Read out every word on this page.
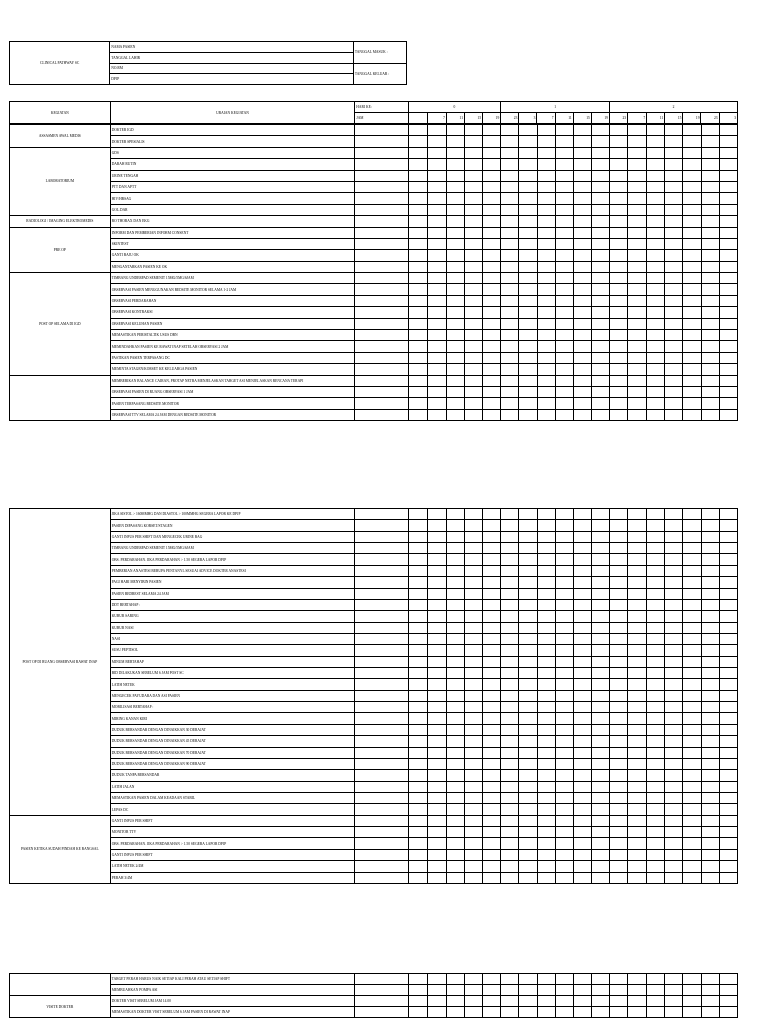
CLINICAL PATHWAY SC	NAMA PASIEN	TANGGAL MASUK :
	TANGGAL LAHIR	
	NO.RM	TANGGAL KELUAR :
	DPJP	
KEGIATAN	URAIAN KEGIATAN	HARI KE:	0					1						2						
		JAM		7	11	15	19	23	3	7	11	15	19	23	7	11	15	19	23	3
ASSASMEN AWAL MEDIS	DOKTER IGD																			
	DOKTER SPESIALIS																			
LABORATORIUM	GDS																			
	DARAH RUTIN																			
	URINE TENGAH																			
	PTT DAN APTT																			
	HIV/HBSAG																			
	GOL.DAR																			
RADIOLOGI / IMAGING ELEKTROMEDIS	RO THORAX DAN EKG																			
PRE OP	INFORM DAN PEMBERIAN INFORM CONSENT																			
	SKINTEST																			
	GANTI BAJU OK																			
	MENGANTARKAN PASIEN KE OK																			
POST OP SELAMA DI IGD	TIMBANG UNDERPAD SEMENIT 15MG/5MG/6JAM																			
	OBSERVASI PASIEN MENGGUNAKAN BEDSITE MONITOR SELAMA 1-2 JAM																			
	OBSERVASI PERDARAHAN																			
	OBSERVASI KONTRAKSI																			
	OBSERVASI KELUHAN PASIEN																			
	MEMASTIKAN PERISTALTIK USUS DBN																			
	MEMINDAHKAN PASIEN KE RAWAT INAP SETELAH OBSERVASI 2 JAM																			
	PASTIKAN PASIEN TERPASANG DC																			
	MEMINTA STAGEN/KORSET KE KELUARGA PASIEN																			
	MEMBERIKAN BALANCE CAIRAN, PROTAP NETRA MENJELASKAN TARGET ASI MENJELASKAN RENCANA TERAPI																			
	OBSERVASI PASIEN DI RUANG OBSERVASI 1 JAM																			
	PASIEN TERPASANG BEDSITE MONITOR																			
	OBSERVASI TTV SELAMA 24 JAM DENGAN BEDSITE MONITOR																			
POST OP DI RUANG OBSERVASI RAWAT INAP	JIKA SISTOL > 160MMHG DAN DIASTOL > 100MMHG SEGERA LAPOR KE DPJP																			
	PASIEN DIPASANG KORSET/STAGEN																			
	GANTI INFUS PER SHIFT DAN MENGECEK URINE BAG																			
	TIMBANG UNDERPAD SEMENIT 15MG/5MG/6JAM																			
	OBS. PERDARAHAN. JIKA PERDARAHAN > 1.50 SEGERA LAPOR DPJP																			
	PEMBERIAN ANASTESI BERUPA PENTANYL SESUAI ADVICE DOKTER ANASTESI																			
	PAGI HARI MENYIBIN PASIEN																			
	PASIEN BEDREST SELAMA 24 JAM																			
	DDT BERTAHAP :																			
	KUBUR SARING																			
	KUBUR NASI																			
	NASI																			
	SUSU PEPTISOL																			
	MINUM BERTAHAP																			
	BID DILAKUKAN SEBELUM 6 JAM POST SC																			
	LATIH NETEK																			
	MENGECEK PAYUDARA DAN ASI PASIEN																			
	MOBILISASI BERTAHAP :																			
	MIRING KANAN KIRI																			
	DUDUK BERSANDAR DENGAN DINAIKKAN 30 DERAJAT																			
	DUDUK BERSANDAR DENGAN DINAIKKAN 45 DERAJAT																			
	DUDUK BERSANDAR DENGAN DINAIKKAN 70 DERAJAT																			
	DUDUK BERSANDAR DENGAN DINAIKKAN 90 DERAJAT																			
	DUDUK TANPA BERSANDAR																			
	LATIH JALAN																			
	MEMASTIKAN PASIEN DALAM KEADAAN STABIL																			
	LEPAS DC																			
PASIEN KETIKA SUDAH PINDAH KE BANGSAL	GANTI INFUS PER SHIFT																			
	MONITOR TTV																			
	OBS. PERDARAHAN. JIKA PERDARAHAN > 1.50 SEGERA LAPOR DPJP																			
	GANTI INFUS PER SHIFT																			
	LATIH NETEK 2/4M																			
	PERAH 3/4M																			
	TARGET PERAH HARUS NAIK SETIAP KALI PERAH ATAU SETIAP SHIFT																			
	MEMBUAHKAN POMPA ASI																			
VISITE DOKTER	DOKTER VISIT SEBELUM JAM 14.00																			
	MEMASTIKAN DOKTER VISIT SEBELUM 6 JAM PASIEN DI RAWAT INAP																			
